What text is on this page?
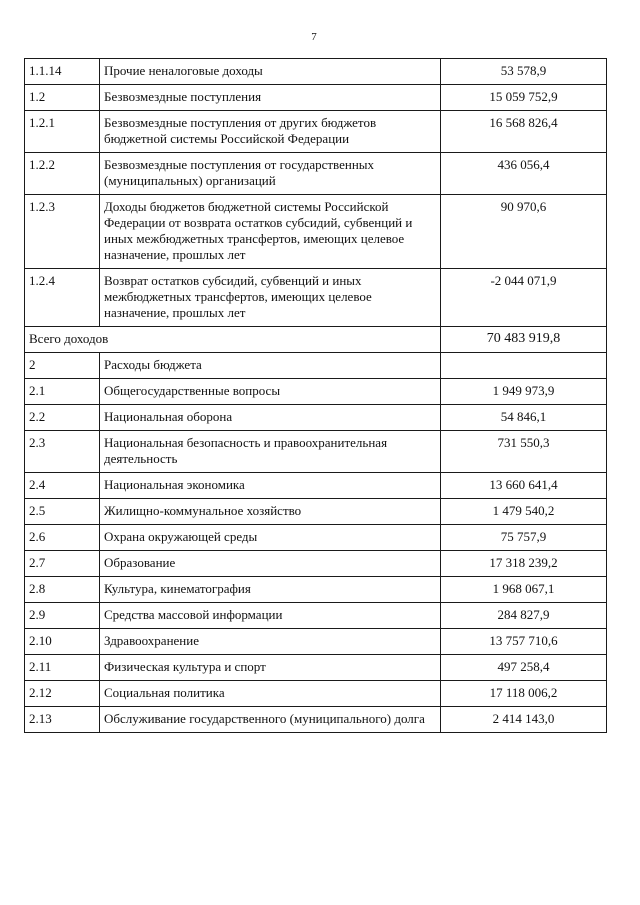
7
1.1.14	Прочие неналоговые доходы	53 578,9
1.2	Безвозмездные поступления	15 059 752,9
1.2.1	Безвозмездные поступления от других бюджетов бюджетной системы Российской Федерации	16 568 826,4
1.2.2	Безвозмездные поступления от государственных (муниципальных) организаций	436 056,4
1.2.3	Доходы бюджетов бюджетной системы Российской Федерации от возврата остатков субсидий, субвенций и иных межбюджетных трансфертов, имеющих целевое назначение, прошлых лет	90 970,6
1.2.4	Возврат остатков субсидий, субвенций и иных межбюджетных трансфертов, имеющих целевое назначение, прошлых лет	-2 044 071,9
Всего доходов		70 483 919,8
2	Расходы бюджета	
2.1	Общегосударственные вопросы	1 949 973,9
2.2	Национальная оборона	54 846,1
2.3	Национальная безопасность и правоохранительная деятельность	731 550,3
2.4	Национальная экономика	13 660 641,4
2.5	Жилищно-коммунальное хозяйство	1 479 540,2
2.6	Охрана окружающей среды	75 757,9
2.7	Образование	17 318 239,2
2.8	Культура, кинематография	1 968 067,1
2.9	Средства массовой информации	284 827,9
2.10	Здравоохранение	13 757 710,6
2.11	Физическая культура и спорт	497 258,4
2.12	Социальная политика	17 118 006,2
2.13	Обслуживание государственного (муниципального) долга	2 414 143,0
